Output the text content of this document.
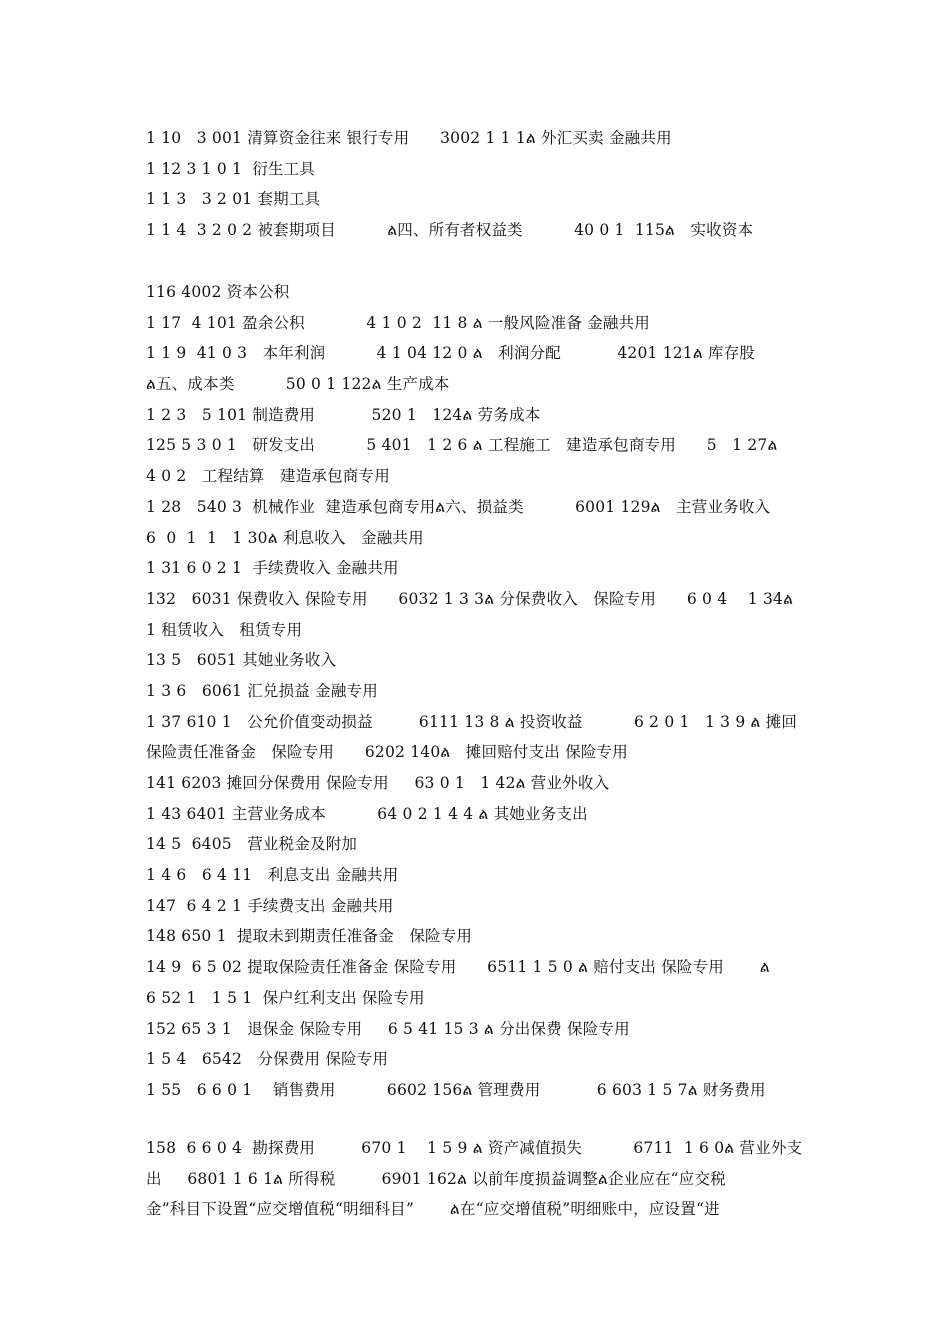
1 10   3 001 清算资金往来 银行专用      3002 1 1 1ል 外汇买卖 金融共用
1 12 3 1 0 1  衍生工具
1 1 3   3 2 01 套期工具
1 1 4  3 2 0 2 被套期项目          ል四、所有者权益类          40 0 1  115ል   实收资本
116 4002 资本公积
1 17  4 101 盈余公积            4 1 0 2  11 8 ል 一般风险准备 金融共用
1 1 9  41 0 3   本年利润          4 1 04 12 0 ል   利润分配           4201 121ል 库存股
ል五、成本类          50 0 1 122ል 生产成本
1 2 3   5 101 制造费用           520 1   124ል 劳务成本
125 5 3 0 1   研发支出          5 401   1 2 6 ል 工程施工   建造承包商专用      5   1 27ል
4 0 2   工程结算   建造承包商专用
1 28   540 3  机械作业  建造承包商专用ል六、损益类          6001 129ል   主营业务收入
6  0  1  1   1 30ል 利息收入   金融共用
1 31 6 0 2 1  手续费收入 金融共用
132   6031 保费收入 保险专用      6032 1 3 3ል 分保费收入   保险专用      6 0 4    1 34ል
1 租赁收入   租赁专用
13 5   6051 其她业务收入
1 3 6   6061 汇兑损益 金融专用
1 37 610 1   公允价值变动损益         6111 13 8 ል 投资收益          6 2 0 1   1 3 9 ል 摊回
保险责任准备金   保险专用      6202 140ል   摊回赔付支出 保险专用
141 6203 摊回分保费用 保险专用     63 0 1   1 42ል 营业外收入
1 43 6401 主营业务成本          64 0 2 1 4 4 ል 其她业务支出
14 5  6405   营业税金及附加
1 4 6   6 4 11   利息支出 金融共用
147  6 4 2 1 手续费支出 金融共用
148 650 1  提取未到期责任准备金   保险专用
14 9  6 5 02 提取保险责任准备金 保险专用      6511 1 5 0 ል 赔付支出 保险专用       ል
6 52 1   1 5 1  保户红利支出 保险专用
152 65 3 1   退保金 保险专用     6 5 41 15 3 ል 分出保费 保险专用
1 5 4   6542   分保费用 保险专用
1 55   6 6 0 1    销售费用          6602 156ል 管理费用           6 603 1 5 7ል 财务费用
158  6 6 0 4  勘探费用         670 1    1 5 9 ል 资产减值损失          6711  1 6 0ል 营业外支
出     6801 1 6 1ል 所得税         6901 162ል 以前年度损益调整ል企业应在“应交税
金”科目下设置“应交增值税“明细科目”       ል在“应交增值税”明细账中，应设置“进
